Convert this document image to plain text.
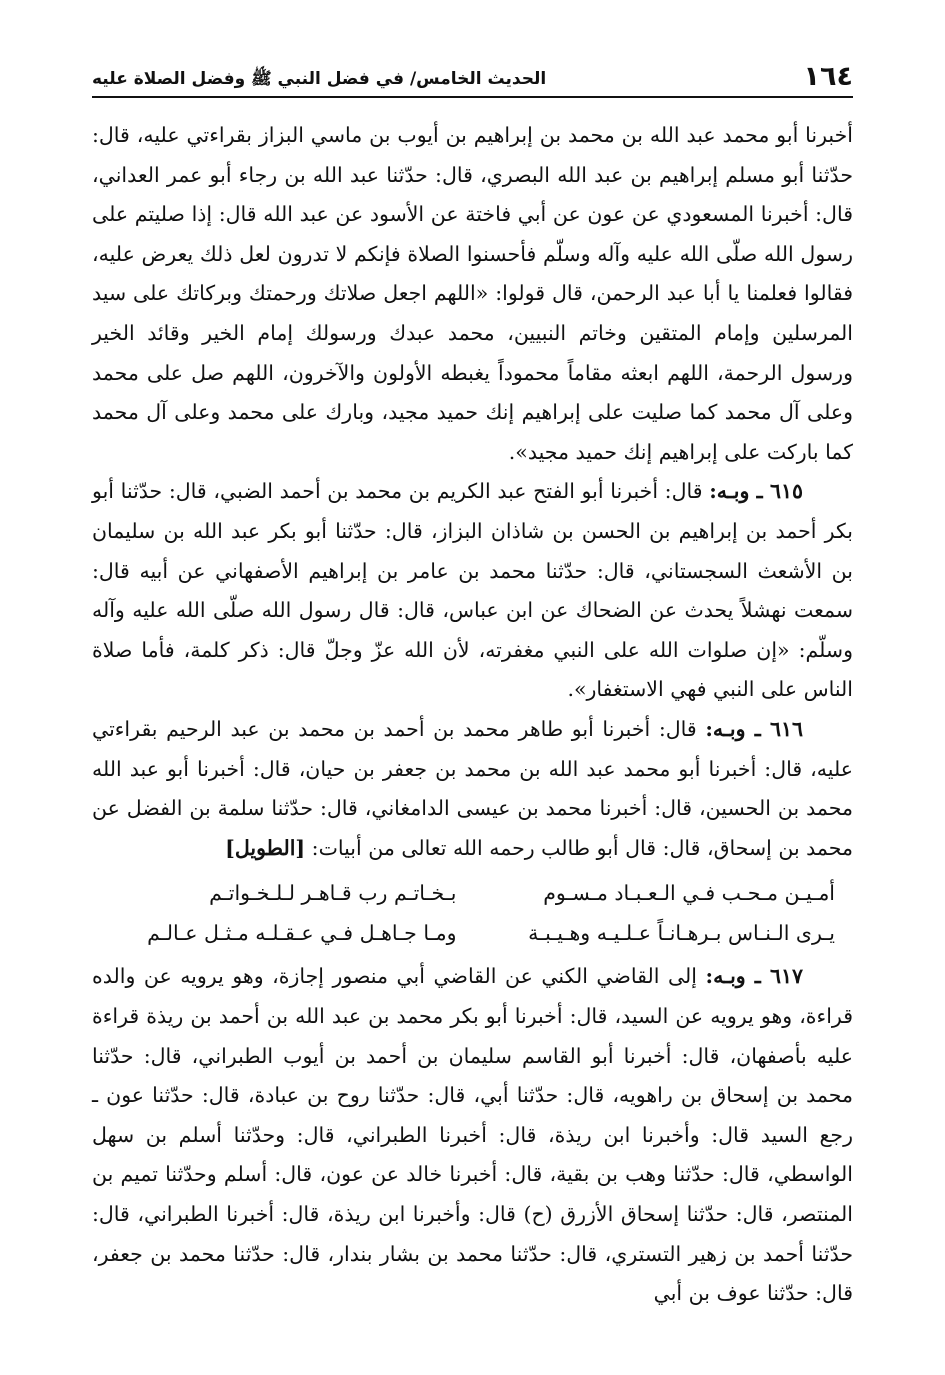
١٦٤
الحديث الخامس/ في فضل النبي ﷺ وفضل الصلاة عليه

أخبرنا أبو محمد عبد الله بن محمد بن إبراهيم بن أيوب بن ماسي البزاز بقراءتي عليه، قال: حدّثنا أبو مسلم إبراهيم بن عبد الله البصري، قال: حدّثنا عبد الله بن رجاء أبو عمر العداني، قال: أخبرنا المسعودي عن عون عن أبي فاختة عن الأسود عن عبد الله قال: إذا صليتم على رسول الله صلّى الله عليه وآله وسلّم فأحسنوا الصلاة فإنكم لا تدرون لعل ذلك يعرض عليه، فقالوا فعلمنا يا أبا عبد الرحمن، قال قولوا: «اللهم اجعل صلاتك ورحمتك وبركاتك على سيد المرسلين وإمام المتقين وخاتم النبيين، محمد عبدك ورسولك إمام الخير وقائد الخير ورسول الرحمة، اللهم ابعثه مقاماً محموداً يغبطه الأولون والآخرون، اللهم صل على محمد وعلى آل محمد كما صليت على إبراهيم إنك حميد مجيد، وبارك على محمد وعلى آل محمد كما باركت على إبراهيم إنك حميد مجيد».

٦١٥ ـ وبـه: قال: أخبرنا أبو الفتح عبد الكريم بن محمد بن أحمد الضبي، قال: حدّثنا أبو بكر أحمد بن إبراهيم بن الحسن بن شاذان البزاز، قال: حدّثنا أبو بكر عبد الله بن سليمان بن الأشعث السجستاني، قال: حدّثنا محمد بن عامر بن إبراهيم الأصفهاني عن أبيه قال: سمعت نهشلاً يحدث عن الضحاك عن ابن عباس، قال: قال رسول الله صلّى الله عليه وآله وسلّم: «إن صلوات الله على النبي مغفرته، لأن الله عزّ وجلّ قال: ذكر كلمة، فأما صلاة الناس على النبي فهي الاستغفار».

٦١٦ ـ وبـه: قال: أخبرنا أبو طاهر محمد بن أحمد بن محمد بن عبد الرحيم بقراءتي عليه، قال: أخبرنا أبو محمد عبد الله بن محمد بن جعفر بن حيان، قال: أخبرنا أبو عبد الله محمد بن الحسين، قال: أخبرنا محمد بن عيسى الدامغاني، قال: حدّثنا سلمة بن الفضل عن محمد بن إسحاق، قال: قال أبو طالب رحمه الله تعالى من أبيات: [الطويل]

أمـيـن مـحـب فـي الـعـبـاد مـسـوم
بـخـاتـم رب قـاهـر لـلـخـواتـم
يـرى الـنـاس بـرهـانـاً عـلـيـه وهـيـبـة
ومـا جـاهـل فـي عـقـلـه مـثـل عـالـم

٦١٧ ـ وبـه: إلى القاضي الكني عن القاضي أبي منصور إجازة، وهو يرويه عن والده قراءة، وهو يرويه عن السيد، قال: أخبرنا أبو بكر محمد بن عبد الله بن أحمد بن ريذة قراءة عليه بأصفهان، قال: أخبرنا أبو القاسم سليمان بن أحمد بن أيوب الطبراني، قال: حدّثنا محمد بن إسحاق بن راهويه، قال: حدّثنا أبي، قال: حدّثنا روح بن عبادة، قال: حدّثنا عون ـ رجع السيد قال: وأخبرنا ابن ريذة، قال: أخبرنا الطبراني، قال: وحدّثنا أسلم بن سهل الواسطي، قال: حدّثنا وهب بن بقية، قال: أخبرنا خالد عن عون، قال: أسلم وحدّثنا تميم بن المنتصر، قال: حدّثنا إسحاق الأزرق (ح) قال: وأخبرنا ابن ريذة، قال: أخبرنا الطبراني، قال: حدّثنا أحمد بن زهير التستري، قال: حدّثنا محمد بن بشار بندار، قال: حدّثنا محمد بن جعفر، قال: حدّثنا عوف بن أبي
